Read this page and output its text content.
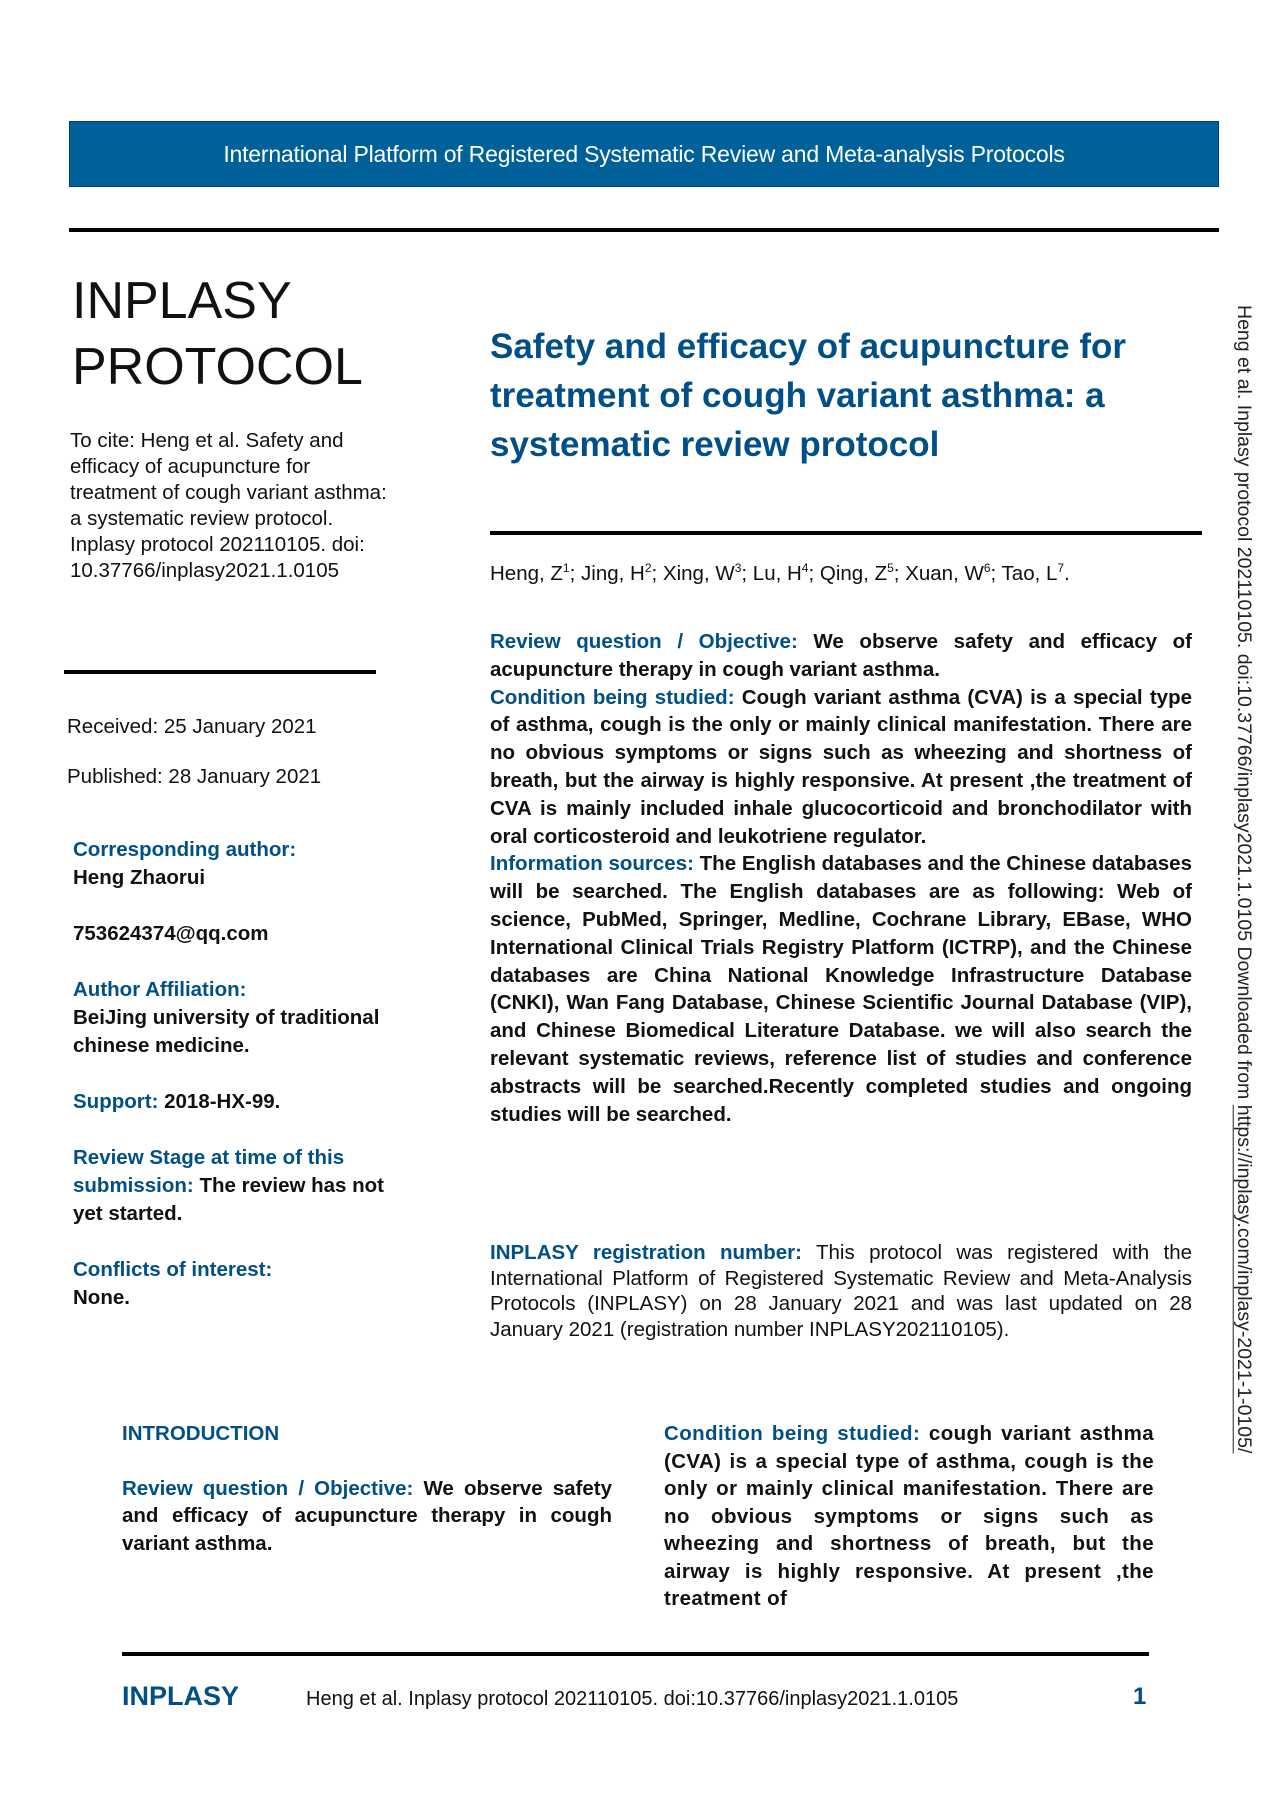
International Platform of Registered Systematic Review and Meta-analysis Protocols
INPLASY
PROTOCOL
To cite: Heng et al. Safety and efficacy of acupuncture for treatment of cough variant asthma: a systematic review protocol. Inplasy protocol 202110105. doi: 10.37766/inplasy2021.1.0105
Received: 25 January 2021
Published: 28 January 2021
Corresponding author:
Heng Zhaorui
753624374@qq.com
Author Affiliation:
BeiJing university of traditional chinese medicine.
Support: 2018-HX-99.
Review Stage at time of this submission: The review has not yet started.
Conflicts of interest:
None.
Safety and efficacy of acupuncture for treatment of cough variant asthma: a systematic review protocol
Heng, $Z^1$; Jing, $H^2$; Xing, $W^3$; Lu, $H^4$; Qing, $Z^5$; Xuan, $W^6$; Tao, $L^7$.

Review question / Objective: We observe safety and efficacy of acupuncture therapy in cough variant asthma.

Condition being studied: Cough variant asthma (CVA) is a special type of asthma, cough is the only or mainly clinical manifestation. There are no obvious symptoms or signs such as wheezing and shortness of breath, but the airway is highly responsive. At present ,the treatment of CVA is mainly included inhale glucocorticoid and bronchodilator with oral corticosteroid and leukotriene regulator.

Information sources: The English databases and the Chinese databases will be searched. The English databases are as following: Web of science, PubMed, Springer, Medline, Cochrane Library, EBase, WHO International Clinical Trials Registry Platform (ICTRP), and the Chinese databases are China National Knowledge Infrastructure Database (CNKI), Wan Fang Database, Chinese Scientific Journal Database (VIP), and Chinese Biomedical Literature Database. we will also search the relevant systematic reviews, reference list of studies and conference abstracts will be searched.Recently completed studies and ongoing studies will be searched.

INPLASY registration number: This protocol was registered with the International Platform of Registered Systematic Review and Meta-Analysis Protocols (INPLASY) on 28 January 2021 and was last updated on 28 January 2021 (registration number INPLASY202110105).
INTRODUCTION
Review question / Objective: We observe safety and efficacy of acupuncture therapy in cough variant asthma.
Condition being studied: cough variant asthma (CVA) is a special type of asthma, cough is the only or mainly clinical manifestation. There are no obvious symptoms or signs such as wheezing and shortness of breath, but the airway is highly responsive. At present ,the treatment of
INPLASY	Heng et al. Inplasy protocol 202110105. doi:10.37766/inplasy2021.1.0105	1
Heng et al. Inplasy protocol 202110105. doi:10.37766/inplasy2021.1.0105 Downloaded from https://inplasy.com/inplasy-2021-1-0105/
